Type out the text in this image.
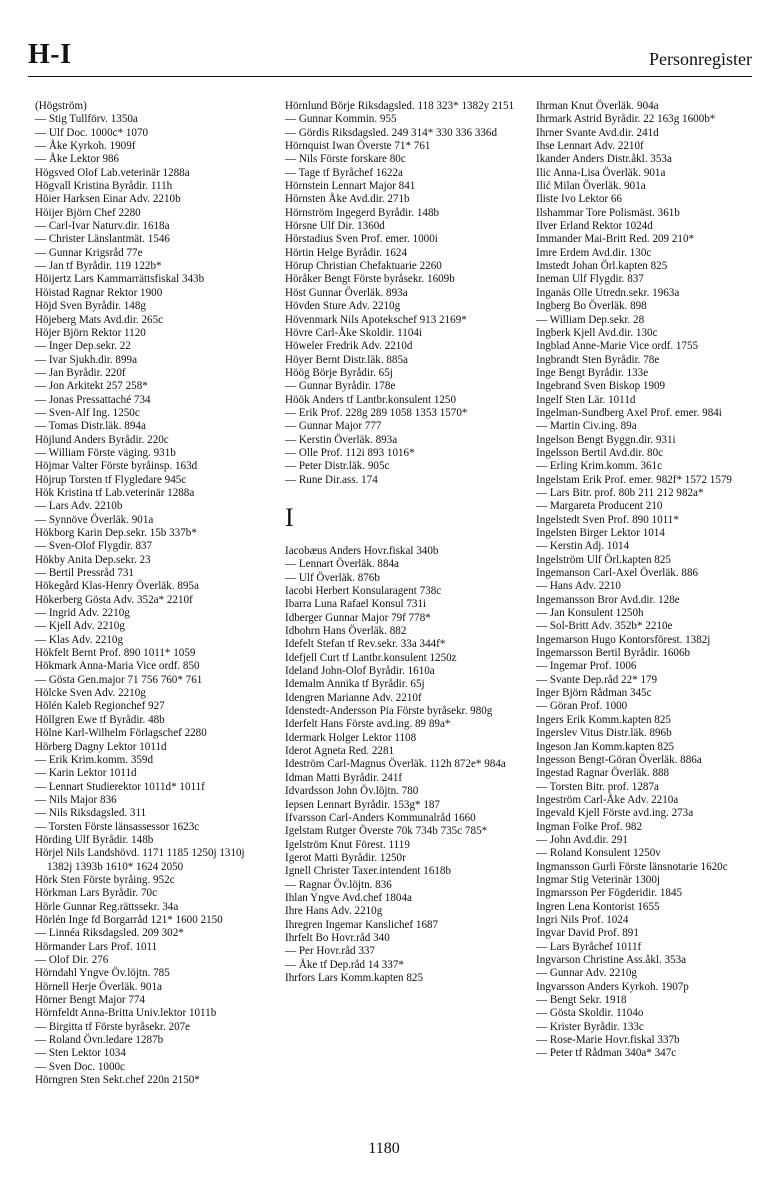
H-I	Personregister
(Högström)
— Stig Tullförv. 1350a
— Ulf Doc. 1000c* 1070
— Åke Kyrkoh. 1909f
— Åke Lektor 986
Högsved Olof Lab.veterinär 1288a
Högvall Kristina Byrådir. 111h
Höier Harksen Einar Adv. 2210b
Höijer Björn Chef 2280
— Carl-Ivar Naturv.dir. 1618a
— Christer Länslantmät. 1546
— Gunnar Krigsråd 77e
— Jan tf Byrådir. 119 122b*
Höijertz Lars Kammarrättsfiskal 343b
Höistad Ragnar Rektor 1900
Höjd Sven Byrådir. 148g
Höjeberg Mats Avd.dir. 265c
Höjer Björn Rektor 1120
— Inger Dep.sekr. 22
— Ivar Sjukh.dir. 899a
— Jan Byrådir. 220f
— Jon Arkitekt 257 258*
— Jonas Pressattaché 734
— Sven-Alf Ing. 1250c
— Tomas Distr.läk. 894a
Höjlund Anders Byrådir. 220c
— William Förste väging. 931b
Höjmar Valter Förste byråinsp. 163d
Höjrup Torsten tf Flygledare 945c
Hök Kristina tf Lab.veterinär 1288a
— Lars Adv. 2210b
— Synnöve Överläk. 901a
Hökborg Karin Dep.sekr. 15b 337b*
— Sven-Olof Flygdir. 837
Hökby Anita Dep.sekr. 23
— Bertil Pressråd 731
Hökegård Klas-Henry Överläk. 895a
Hökerberg Gösta Adv. 352a* 2210f
— Ingrid Adv. 2210g
— Kjell Adv. 2210g
— Klas Adv. 2210g
Hökfelt Bernt Prof. 890 1011* 1059
Hökmark Anna-Maria Vice ordf. 850
— Gösta Gen.major 71 756 760* 761
Hölcke Sven Adv. 2210g
Hölén Kaleb Regionchef 927
Höllgren Ewe tf Byrådir. 48b
Hölne Karl-Wilhelm Förlagschef 2280
Hörberg Dagny Lektor 1011d
— Erik Krim.komm. 359d
— Karin Lektor 1011d
— Lennart Studierektor 1011d* 1011f
— Nils Major 836
— Nils Riksdagsled. 311
— Torsten Förste länsassessor 1623c
Hörding Ulf Byrådir. 148b
Hörjel Nils Landshövd. 1171 1185 1250j 1310j 1382j 1393b 1610* 1624 2050
Hörk Sten Förste byråing. 952c
Hörkman Lars Byrådir. 70c
Hörle Gunnar Reg.rättssekr. 34a
Hörlén Inge fd Borgarråd 121* 1600 2150
— Linnéa Riksdagsled. 209 302*
Hörmander Lars Prof. 1011
— Olof Dir. 276
Hörndahl Yngve Öv.löjtn. 785
Hörnell Herje Överläk. 901a
Hörner Bengt Major 774
Hörnfeldt Anna-Britta Univ.lektor 1011b
— Birgitta tf Förste byråsekr. 207e
— Roland Övn.ledare 1287b
— Sten Lektor 1034
— Sven Doc. 1000c
Hörngren Sten Sekt.chef 220n 2150*
Hörnlund Börje Riksdagsled. 118 323* 1382y 2151
— Gunnar Kommin. 955
— Gördis Riksdagsled. 249 314* 330 336 336d
Hörnquist Iwan Överste 71* 761
— Nils Förste forskare 80c
— Tage tf Byråchef 1622a
Hörnstein Lennart Major 841
Hörnsten Åke Avd.dir. 271b
Hörnström Ingegerd Byrådir. 148b
Hörsne Ulf Dir. 1360d
Hörstadius Sven Prof. emer. 1000i
Hörtin Helge Byrådir. 1624
Hörup Christian Chefaktuarie 2260
Höråker Bengt Förste byråsekr. 1609b
Höst Gunnar Överläk. 893a
Hövden Sture Adv. 2210g
Hövenmark Nils Apotekschef 913 2169*
Hövre Carl-Åke Skoldir. 1104i
Höweler Fredrik Adv. 2210d
Höyer Bernt Distr.läk. 885a
Höög Börje Byrådir. 65j
— Gunnar Byrådir. 178e
Höök Anders tf Lantbr.konsulent 1250
— Erik Prof. 228g 289 1058 1353 1570*
— Gunnar Major 777
— Kerstin Överläk. 893a
— Olle Prof. 112i 893 1016*
— Peter Distr.läk. 905c
— Rune Dir.ass. 174
I
Iacobæus Anders Hovr.fiskal 340b
— Lennart Överläk. 884a
— Ulf Överläk. 876b
Iacobi Herbert Konsularagent 738c
Ibarra Luna Rafael Konsul 731i
Idberger Gunnar Major 79f 778*
Idbohrn Hans Överläk. 882
Idefelt Stefan tf Rev.sekr. 33a 344f*
Idefjell Curt tf Lantbr.konsulent 1250z
Ideland John-Olof Byrådir. 1610a
Idemalm Annika tf Byrådir. 65j
Idengren Marianne Adv. 2210f
Idenstedt-Andersson Pia Förste byråsekr. 980g
Iderfelt Hans Förste avd.ing. 89 89a*
Idermark Holger Lektor 1108
Iderot Agneta Red. 2281
Ideström Carl-Magnus Överläk. 112h 872e* 984a
Idman Matti Byrådir. 241f
Idvardsson John Öv.löjtn. 780
Iepsen Lennart Byrådir. 153g* 187
Ifvarsson Carl-Anders Kommunalråd 1660
Igelstam Rutger Överste 70k 734b 735c 785*
Igelström Knut Förest. 1119
Igerot Matti Byrådir. 1250r
Ignell Christer Taxer.intendent 1618b
— Ragnar Öv.löjtn. 836
Ihlan Yngve Avd.chef 1804a
Ihre Hans Adv. 2210g
Ihregren Ingemar Kanslichef 1687
Ihrfelt Bo Hovr.råd 340
— Per Hovr.råd 337
— Åke tf Dep.råd 14 337*
Ihrfors Lars Komm.kapten 825
Ihrman Knut Överläk. 904a
Ihrmark Astrid Byrådir. 22 163g 1600b*
Ihrner Svante Avd.dir. 241d
Ihse Lennart Adv. 2210f
Ikander Anders Distr.åkl. 353a
Ilic Anna-Lisa Överläk. 901a
Ilić Milan Överläk. 901a
Iliste Ivo Lektor 66
Ilshammar Tore Polismäst. 361b
Ilver Erland Rektor 1024d
Immander Mai-Britt Red. 209 210*
Imre Erdem Avd.dir. 130c
Imstedt Johan Örl.kapten 825
Ineman Ulf Flygdir. 837
Inganäs Olle Utredn.sekr. 1963a
Ingberg Bo Överläk. 898
— William Dep.sekr. 28
Ingberk Kjell Avd.dir. 130c
Ingblad Anne-Marie Vice ordf. 1755
Ingbrandt Sten Byrådir. 78e
Inge Bengt Byrådir. 133e
Ingebrand Sven Biskop 1909
Ingelf Sten Lär. 1011d
Ingelman-Sundberg Axel Prof. emer. 984i
— Martin Civ.ing. 89a
Ingelson Bengt Byggn.dir. 931i
Ingelsson Bertil Avd.dir. 80c
— Erling Krim.komm. 361c
Ingelstam Erik Prof. emer. 982f* 1572 1579
— Lars Bitr. prof. 80b 211 212 982a*
— Margareta Producent 210
Ingelstedt Sven Prof. 890 1011*
Ingelsten Birger Lektor 1014
— Kerstin Adj. 1014
Ingelström Ulf Örl.kapten 825
Ingemanson Carl-Axel Överläk. 886
— Hans Adv. 2210
Ingemansson Bror Avd.dir. 128e
— Jan Konsulent 1250h
— Sol-Britt Adv. 352b* 2210e
Ingemarson Hugo Kontorsförest. 1382j
Ingemarsson Bertil Byrådir. 1606b
— Ingemar Prof. 1006
— Svante Dep.råd 22* 179
Inger Björn Rådman 345c
— Göran Prof. 1000
Ingers Erik Komm.kapten 825
Ingerslev Vitus Distr.läk. 896b
Ingeson Jan Komm.kapten 825
Ingesson Bengt-Göran Överläk. 886a
Ingestad Ragnar Överläk. 888
— Torsten Bitr. prof. 1287a
Ingeström Carl-Åke Adv. 2210a
Ingevald Kjell Förste avd.ing. 273a
Ingman Folke Prof. 982
— John Avd.dir. 291
— Roland Konsulent 1250v
Ingmansson Gurli Förste länsnotarie 1620c
Ingmar Stig Veterinär 1300j
Ingmarsson Per Fögderidir. 1845
Ingren Lena Kontorist 1655
Ingri Nils Prof. 1024
Ingvar David Prof. 891
— Lars Byråchef 1011f
Ingvarson Christine Ass.åkl. 353a
— Gunnar Adv. 2210g
Ingvarsson Anders Kyrkoh. 1907p
— Bengt Sekr. 1918
— Gösta Skoldir. 1104o
— Krister Byrådir. 133c
— Rose-Marie Hovr.fiskal 337b
— Peter tf Rådman 340a* 347c
1180
